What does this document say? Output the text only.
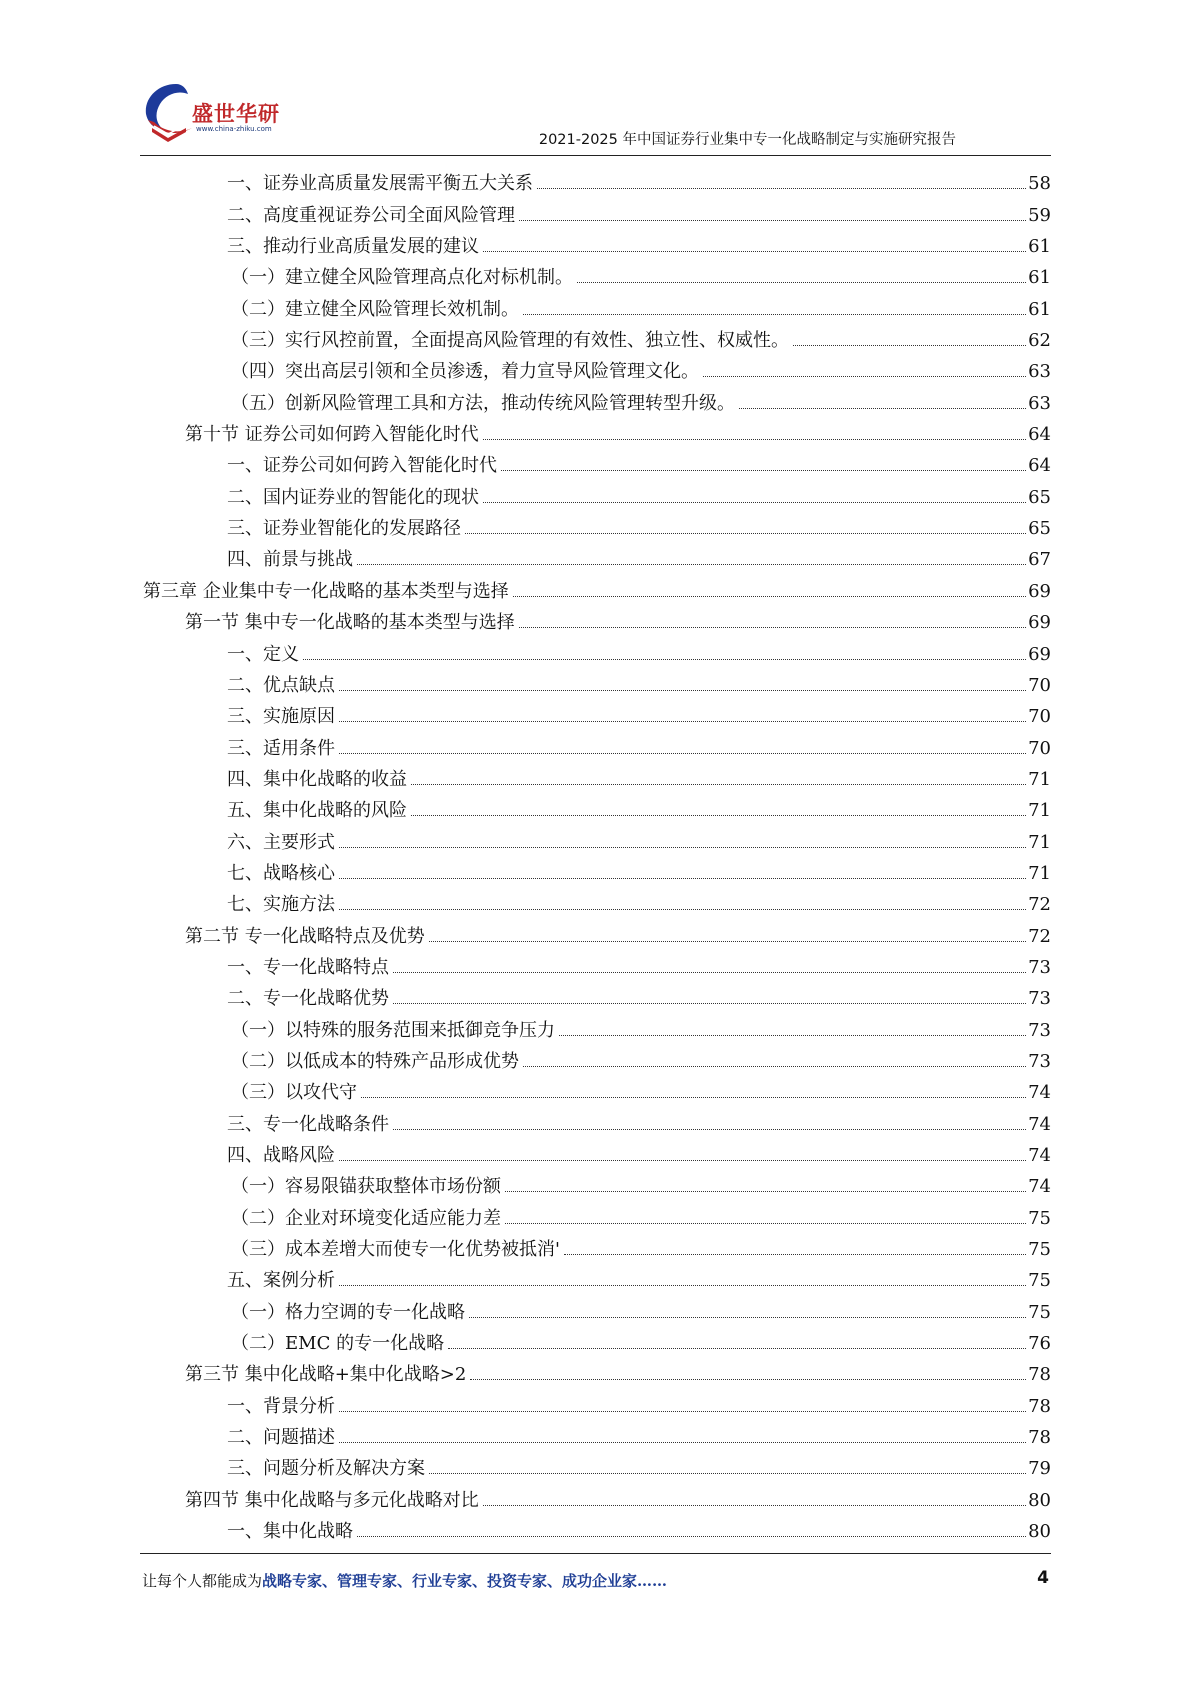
盛世华研
www.china-zhiku.com
2021-2025 年中国证券行业集中专一化战略制定与实施研究报告
一、证券业高质量发展需平衡五大关系	58
二、高度重视证券公司全面风险管理	59
三、推动行业高质量发展的建议	61
（一）建立健全风险管理高点化对标机制。	61
（二）建立健全风险管理长效机制。	61
（三）实行风控前置，全面提高风险管理的有效性、独立性、权威性。	62
（四）突出高层引领和全员渗透，着力宣导风险管理文化。	63
（五）创新风险管理工具和方法，推动传统风险管理转型升级。	63
第十节 证券公司如何跨入智能化时代	64
一、证券公司如何跨入智能化时代	64
二、国内证券业的智能化的现状	65
三、证券业智能化的发展路径	65
四、前景与挑战	67
第三章 企业集中专一化战略的基本类型与选择	69
第一节 集中专一化战略的基本类型与选择	69
一、定义	69
二、优点缺点	70
三、实施原因	70
三、适用条件	70
四、集中化战略的收益	71
五、集中化战略的风险	71
六、主要形式	71
七、战略核心	71
七、实施方法	72
第二节 专一化战略特点及优势	72
一、专一化战略特点	73
二、专一化战略优势	73
（一）以特殊的服务范围来抵御竞争压力	73
（二）以低成本的特殊产品形成优势	73
（三）以攻代守	74
三、专一化战略条件	74
四、战略风险	74
（一）容易限锚获取整体市场份额	74
（二）企业对环境变化适应能力差	75
（三）成本差增大而使专一化优势被抵消'	75
五、案例分析	75
（一）格力空调的专一化战略	75
（二）EMC 的专一化战略	76
第三节 集中化战略+集中化战略>2	78
一、背景分析	78
二、问题描述	78
三、问题分析及解决方案	79
第四节 集中化战略与多元化战略对比	80
一、集中化战略	80
让每个人都能成为战略专家、管理专家、行业专家、投资专家、成功企业家……	4
